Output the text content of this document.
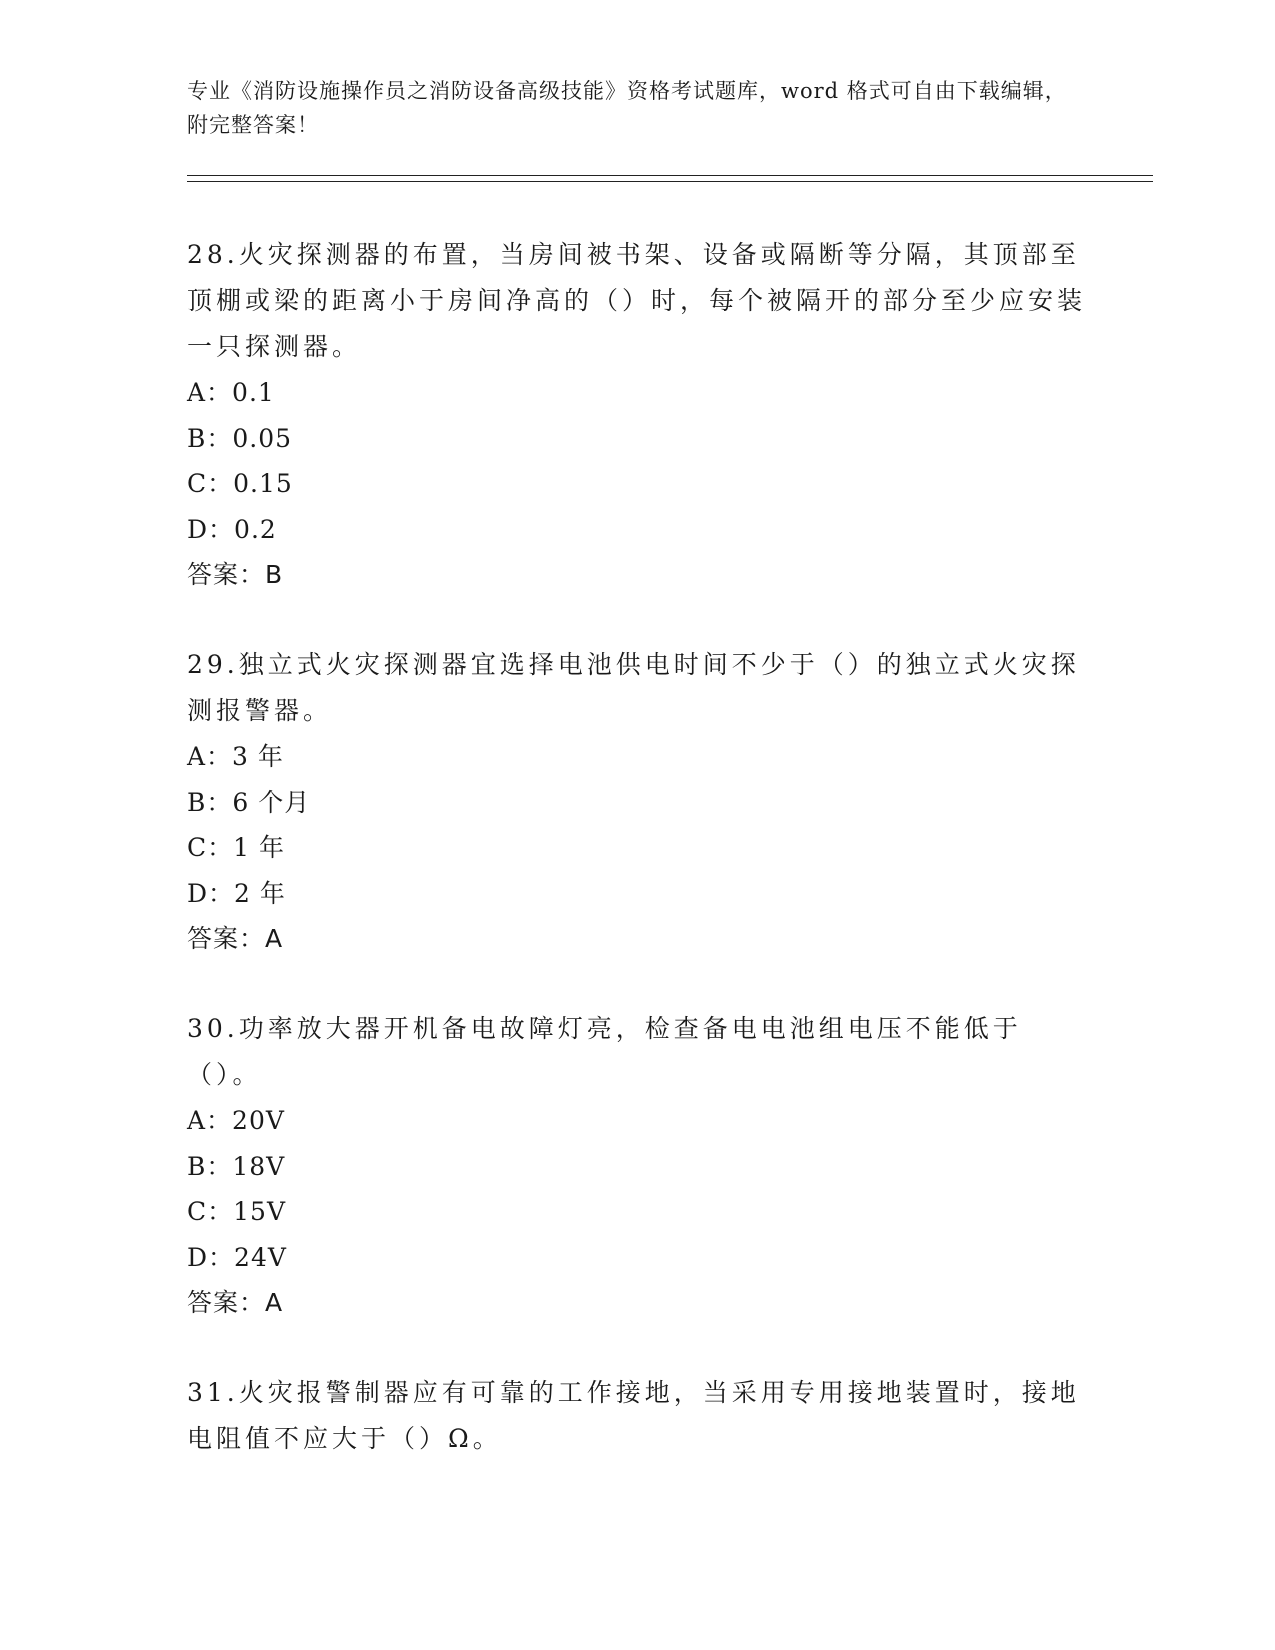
专业《消防设施操作员之消防设备高级技能》资格考试题库，word 格式可自由下载编辑，附完整答案！

28.火灾探测器的布置，当房间被书架、设备或隔断等分隔，其顶部至顶棚或梁的距离小于房间净高的（）时，每个被隔开的部分至少应安装一只探测器。

A：0.1

B：0.05

C：0.15

D：0.2

答案：B

29.独立式火灾探测器宜选择电池供电时间不少于（）的独立式火灾探测报警器。

A：3 年

B：6 个月

C：1 年

D：2 年

答案：A

30.功率放大器开机备电故障灯亮，检查备电电池组电压不能低于（）。

A：20V

B：18V

C：15V

D：24V

答案：A

31.火灾报警制器应有可靠的工作接地，当采用专用接地装置时，接地电阻值不应大于（）Ω。
